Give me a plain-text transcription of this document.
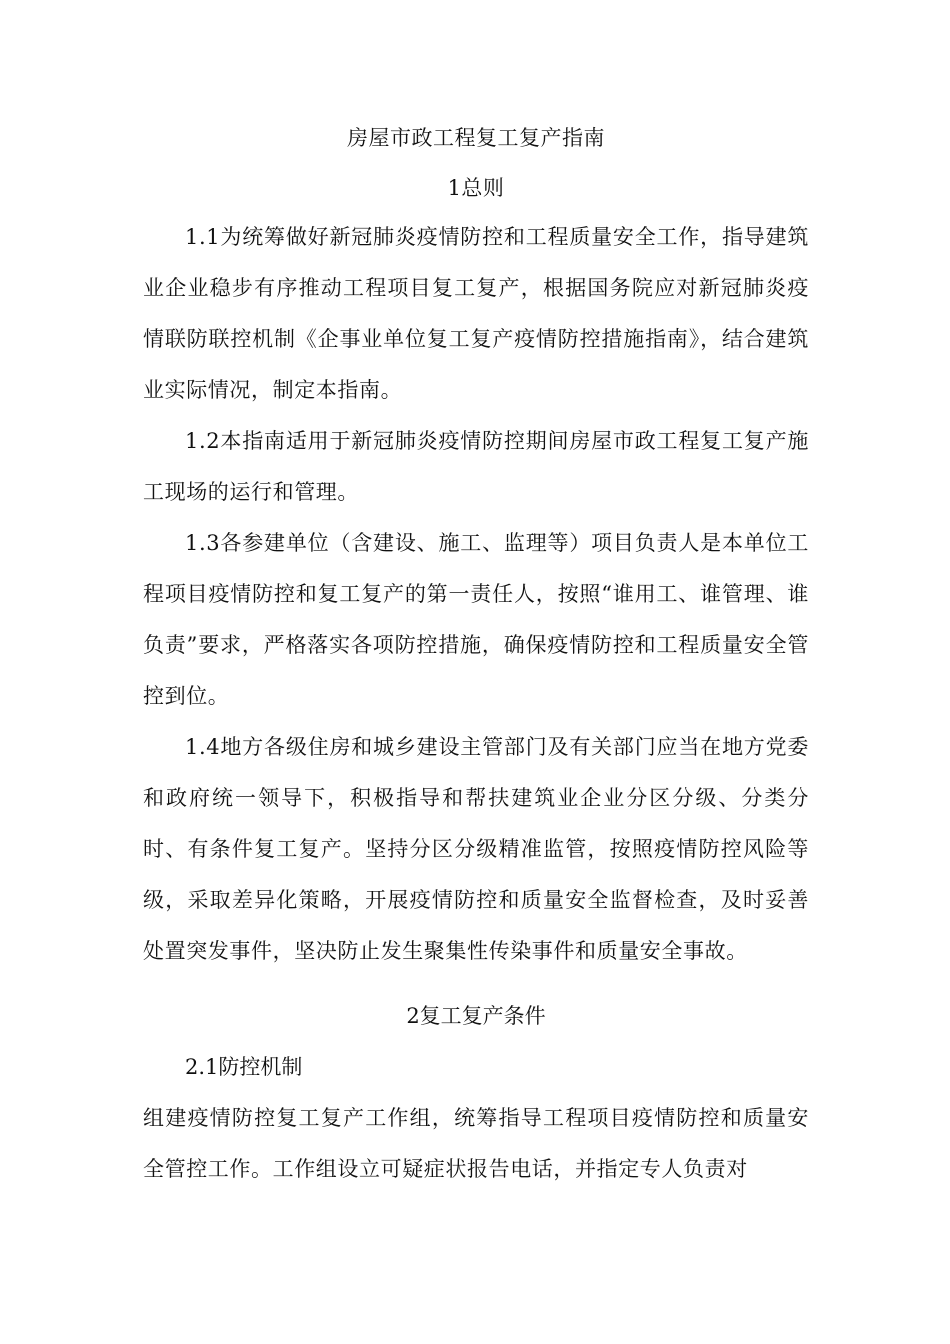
房屋市政工程复工复产指南

1总则

1.1为统筹做好新冠肺炎疫情防控和工程质量安全工作，指导建筑业企业稳步有序推动工程项目复工复产，根据国务院应对新冠肺炎疫情联防联控机制《企事业单位复工复产疫情防控措施指南》，结合建筑业实际情况，制定本指南。

1.2本指南适用于新冠肺炎疫情防控期间房屋市政工程复工复产施工现场的运行和管理。

1.3各参建单位（含建设、施工、监理等）项目负责人是本单位工程项目疫情防控和复工复产的第一责任人，按照“谁用工、谁管理、谁负责”要求，严格落实各项防控措施，确保疫情防控和工程质量安全管控到位。

1.4地方各级住房和城乡建设主管部门及有关部门应当在地方党委和政府统一领导下，积极指导和帮扶建筑业企业分区分级、分类分时、有条件复工复产。坚持分区分级精准监管，按照疫情防控风险等级，采取差异化策略，开展疫情防控和质量安全监督检查，及时妥善处置突发事件，坚决防止发生聚集性传染事件和质量安全事故。

2复工复产条件

2.1防控机制

组建疫情防控复工复产工作组，统筹指导工程项目疫情防控和质量安全管控工作。工作组设立可疑症状报告电话，并指定专人负责对
